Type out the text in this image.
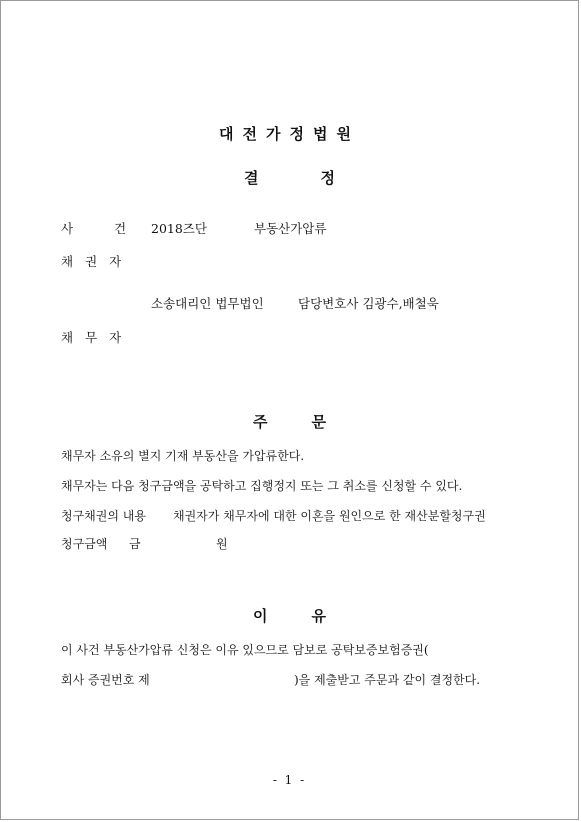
대전가정법원
결	정
사	건 2018즈단	부동산가압류
채권자
소송대리인 법무법인	담당변호사 김광수,배철욱
채무자
주	문
채무자 소유의 별지 기재 부동산을 가압류한다.
채무자는 다음 청구금액을 공탁하고 집행정지 또는 그 취소를 신청할 수 있다.
청구채권의 내용 채권자가 채무자에 대한 이혼을 원인으로 한 재산분할청구권
청구금액 금	원
이	유
이 사건 부동산가압류 신청은 이유 있으므로 담보로 공탁보증보험증권(
회사 증권번호 제	)을 제출받고 주문과 같이 결정한다.
- 1 -
